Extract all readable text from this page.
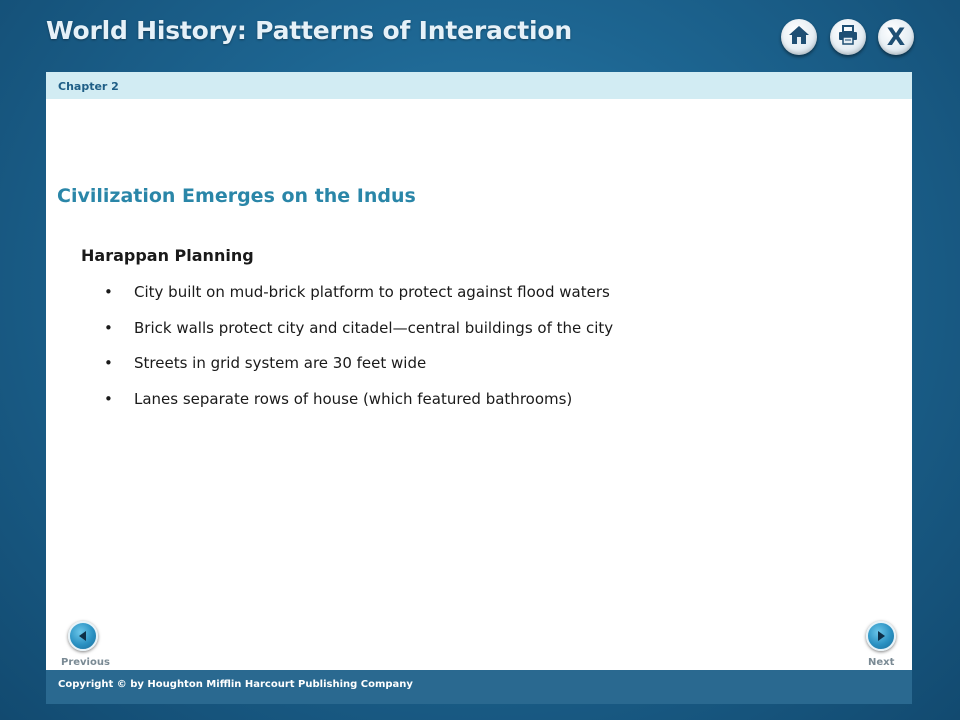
World History: Patterns of Interaction	X
Chapter 2
Civilization Emerges on the Indus
Harappan Planning
• City built on mud-brick platform to protect against flood waters
• Brick walls protect city and citadel—central buildings of the city
• Streets in grid system are 30 feet wide
• Lanes separate rows of house (which featured bathrooms)
Previous	Next
Copyright © by Houghton Mifflin Harcourt Publishing Company
